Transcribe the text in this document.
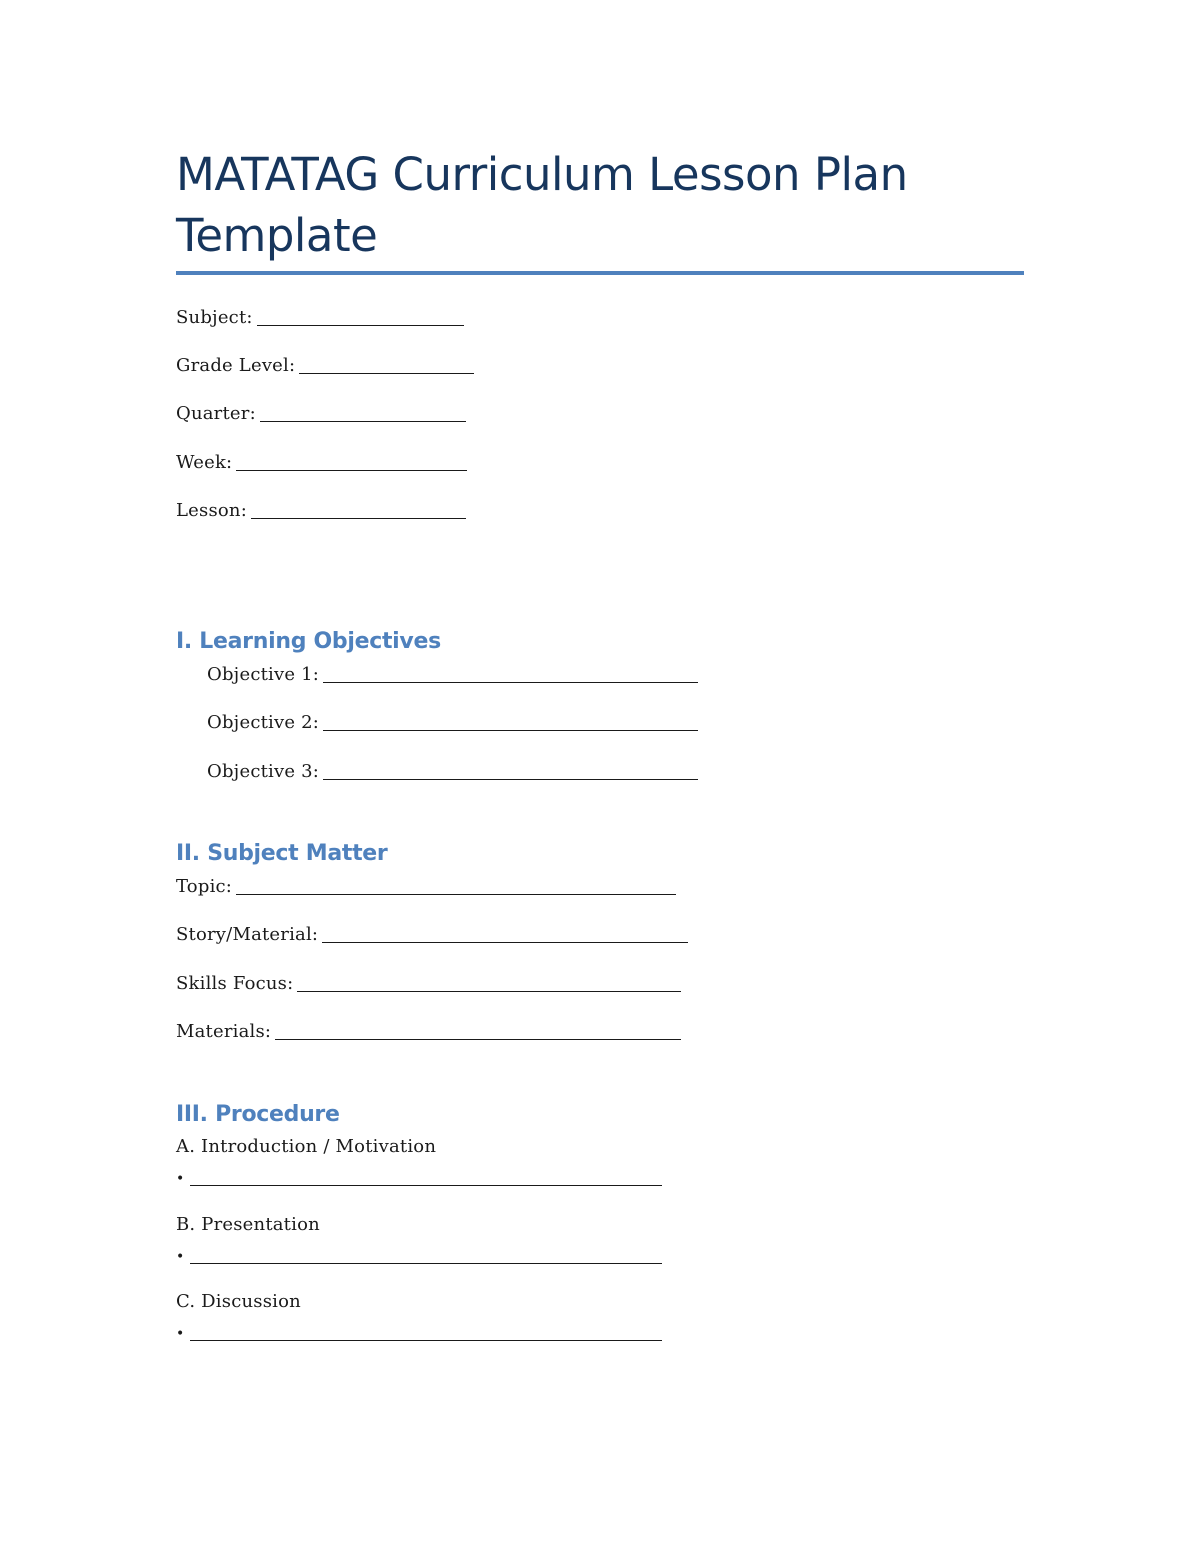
MATATAG Curriculum Lesson Plan Template
Subject:
Grade Level:
Quarter:
Week:
Lesson:
I. Learning Objectives
Objective 1:
Objective 2:
Objective 3:
II. Subject Matter
Topic:
Story/Material:
Skills Focus:
Materials:
III. Procedure
A. Introduction / Motivation
•
B. Presentation
•
C. Discussion
•
